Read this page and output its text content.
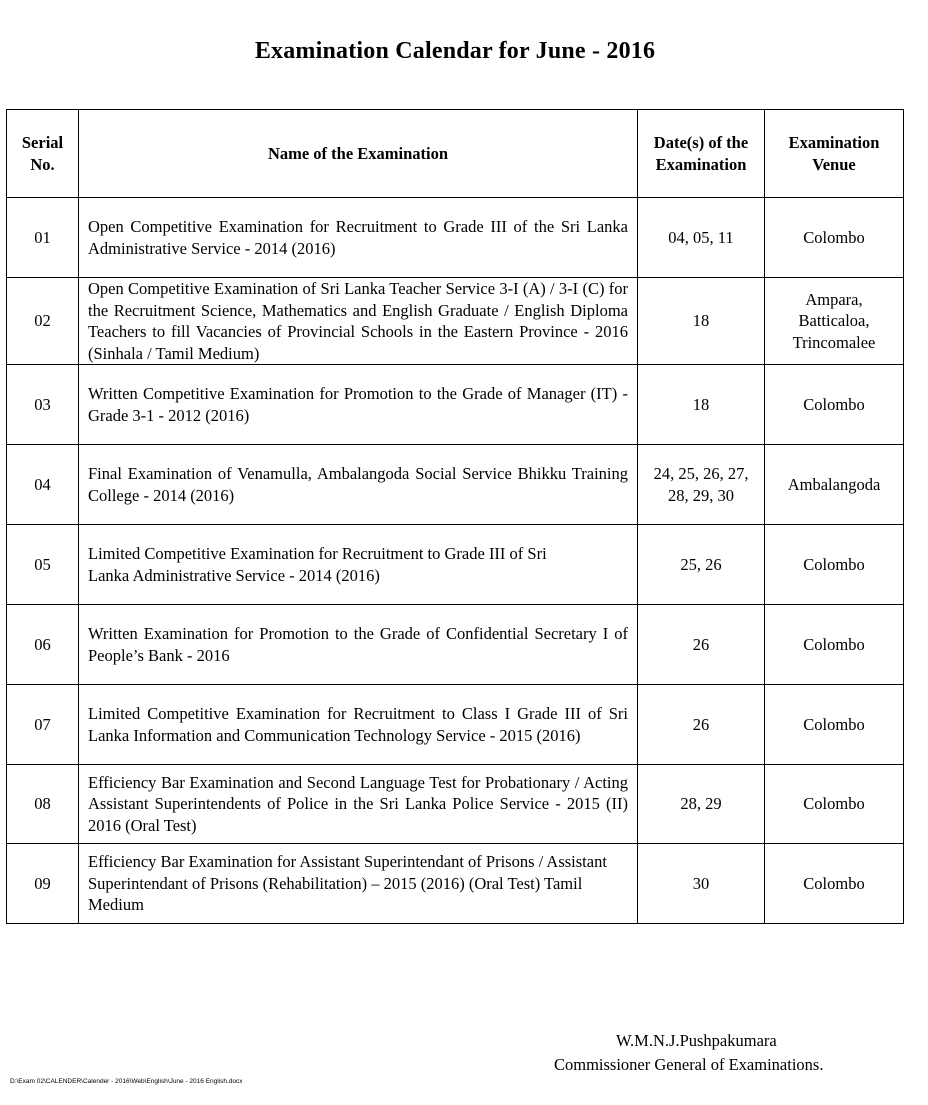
Examination Calendar for June - 2016
Serial No.	Name of the Examination	Date(s) of the Examination	Examination Venue

01	Open Competitive Examination for Recruitment to Grade III of the Sri Lanka Administrative Service - 2014 (2016)	04, 05, 11	Colombo
02	Open Competitive Examination of Sri Lanka Teacher Service 3-I (A) / 3-I (C) for the Recruitment Science, Mathematics and English Graduate / English Diploma Teachers to fill Vacancies of Provincial Schools in the Eastern Province - 2016 (Sinhala / Tamil Medium)	18	Ampara, Batticaloa, Trincomalee

03	Written Competitive Examination for Promotion to the Grade of Manager (IT) - Grade 3-1 - 2012 (2016)	18	Colombo
04	Final Examination of Venamulla, Ambalangoda Social Service Bhikku Training College - 2014 (2016)	24, 25, 26, 27, 28, 29, 30	Ambalangoda
05	Limited Competitive Examination for Recruitment to Grade III of Sri Lanka Administrative Service - 2014 (2016)	25, 26	Colombo
06	Written Examination for Promotion to the Grade of Confidential Secretary I of People’s Bank - 2016	26	Colombo
07	Limited Competitive Examination for Recruitment to Class I Grade III of Sri Lanka Information and Communication Technology Service - 2015 (2016)	26	Colombo
08	Efficiency Bar Examination and Second Language Test for Probationary / Acting Assistant Superintendents of Police in the Sri Lanka Police Service - 2015 (II) 2016 (Oral Test)	28, 29	Colombo
09	Efficiency Bar Examination for Assistant Superintendant of Prisons / Assistant Superintendant of Prisons (Rehabilitation) – 2015 (2016) (Oral Test) Tamil Medium	30	Colombo
W.M.N.J.Pushpakumara
Commissioner General of Examinations.
D:\Exam 02\CALENDER\Calender - 2016\Web\English\June - 2016 English.docx
